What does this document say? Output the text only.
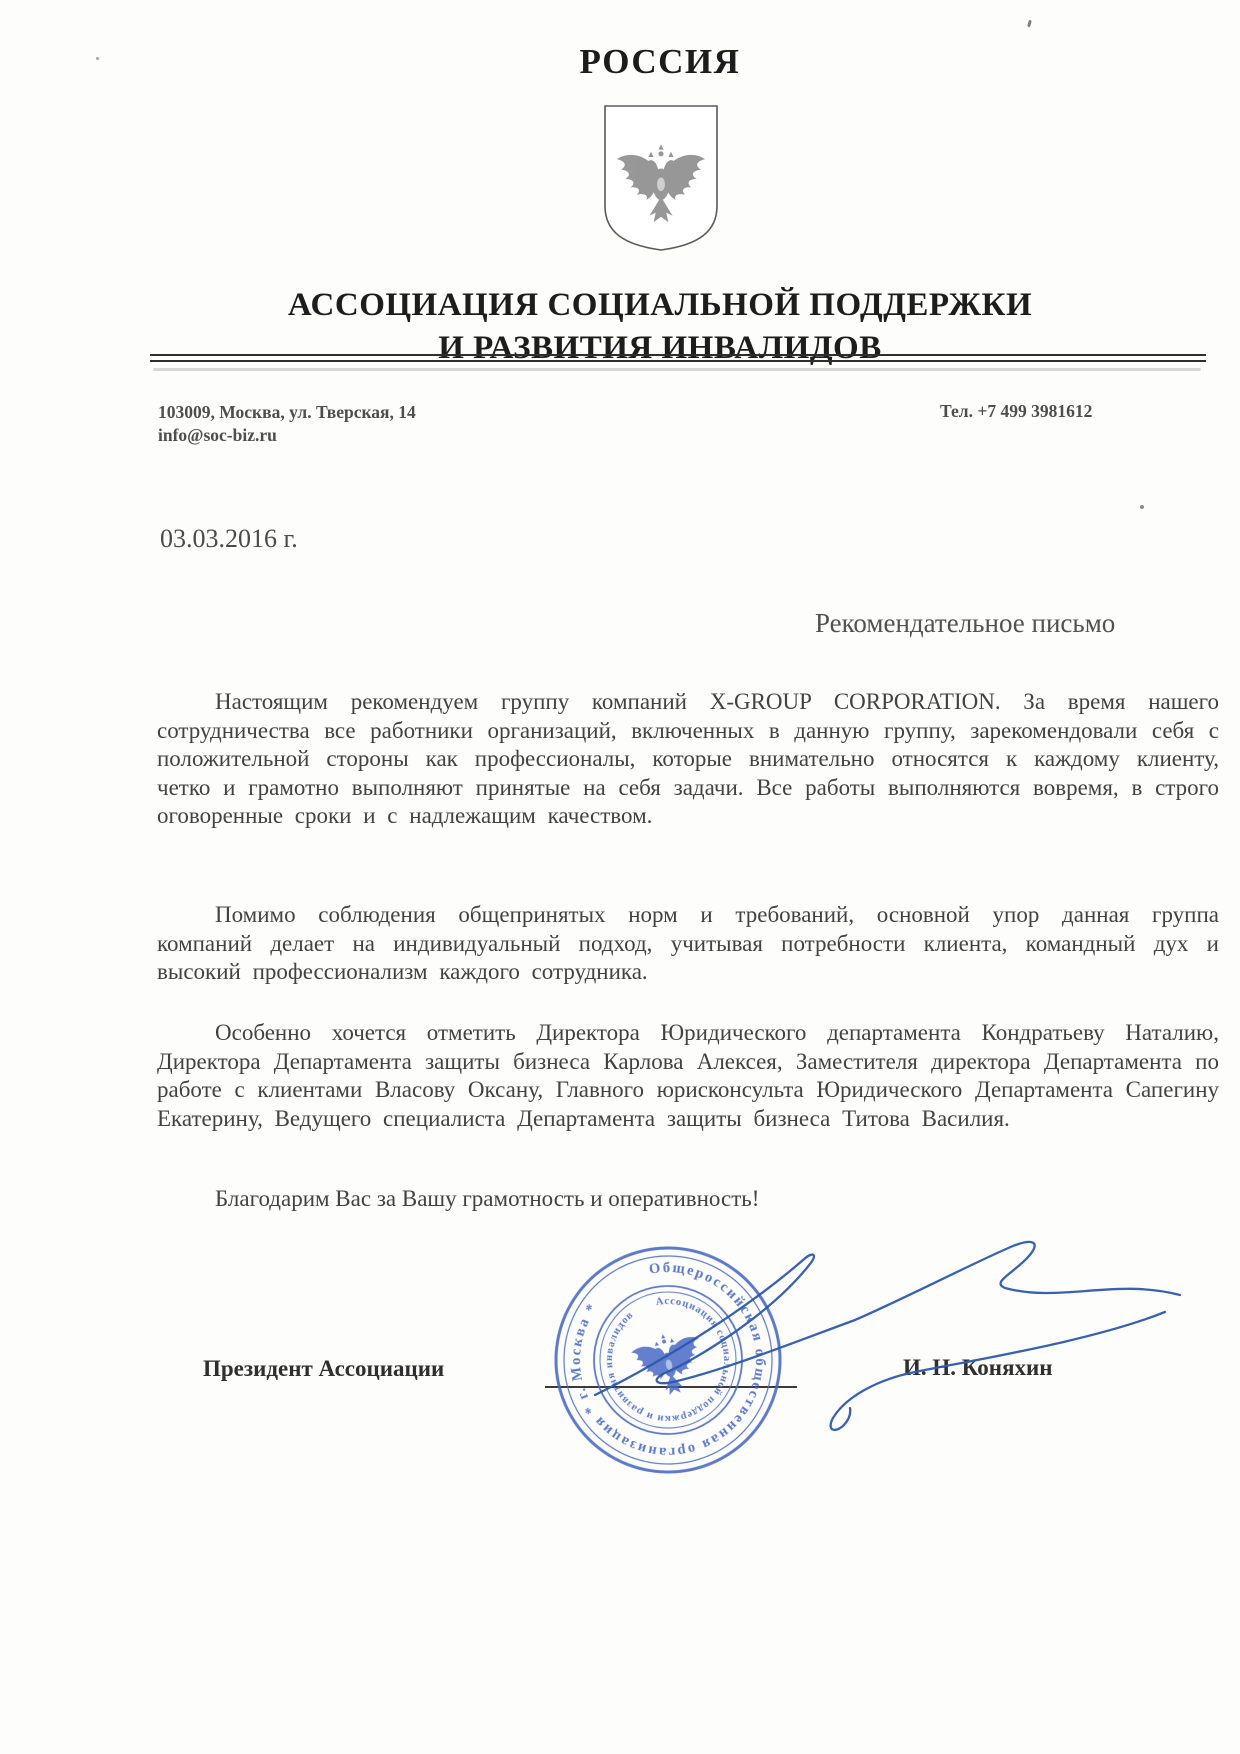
РОССИЯ
АССОЦИАЦИЯ СОЦИАЛЬНОЙ ПОДДЕРЖКИ
И РАЗВИТИЯ ИНВАЛИДОВ
103009, Москва, ул. Тверская, 14
info@soc-biz.ru
Тел. +7 499 3981612
03.03.2016 г.
Рекомендательное письмо

Настоящим рекомендуем группу компаний X-GROUP CORPORATION. За время нашего сотрудничества все работники организаций, включенных в данную группу, зарекомендовали себя с положительной стороны как профессионалы, которые внимательно относятся к каждому клиенту, четко и грамотно выполняют принятые на себя задачи. Все работы выполняются вовремя, в строго оговоренные сроки и с надлежащим качеством.

Помимо соблюдения общепринятых норм и требований, основной упор данная группа компаний делает на индивидуальный подход, учитывая потребности клиента, командный дух и высокий профессионализм каждого сотрудника.

Особенно хочется отметить Директора Юридического департамента Кондратьеву Наталию, Директора Департамента защиты бизнеса Карлова Алексея, Заместителя директора Департамента по работе с клиентами Власову Оксану, Главного юрисконсульта Юридического Департамента Сапегину Екатерину, Ведущего специалиста Департамента защиты бизнеса Титова Василия.

Благодарим Вас за Вашу грамотность и оперативность!

Президент Ассоциации	И. Н. Коняхин
Общероссийская общественная организация * г. Москва *	Ассоциация социальной поддержки и развития инвалидов
